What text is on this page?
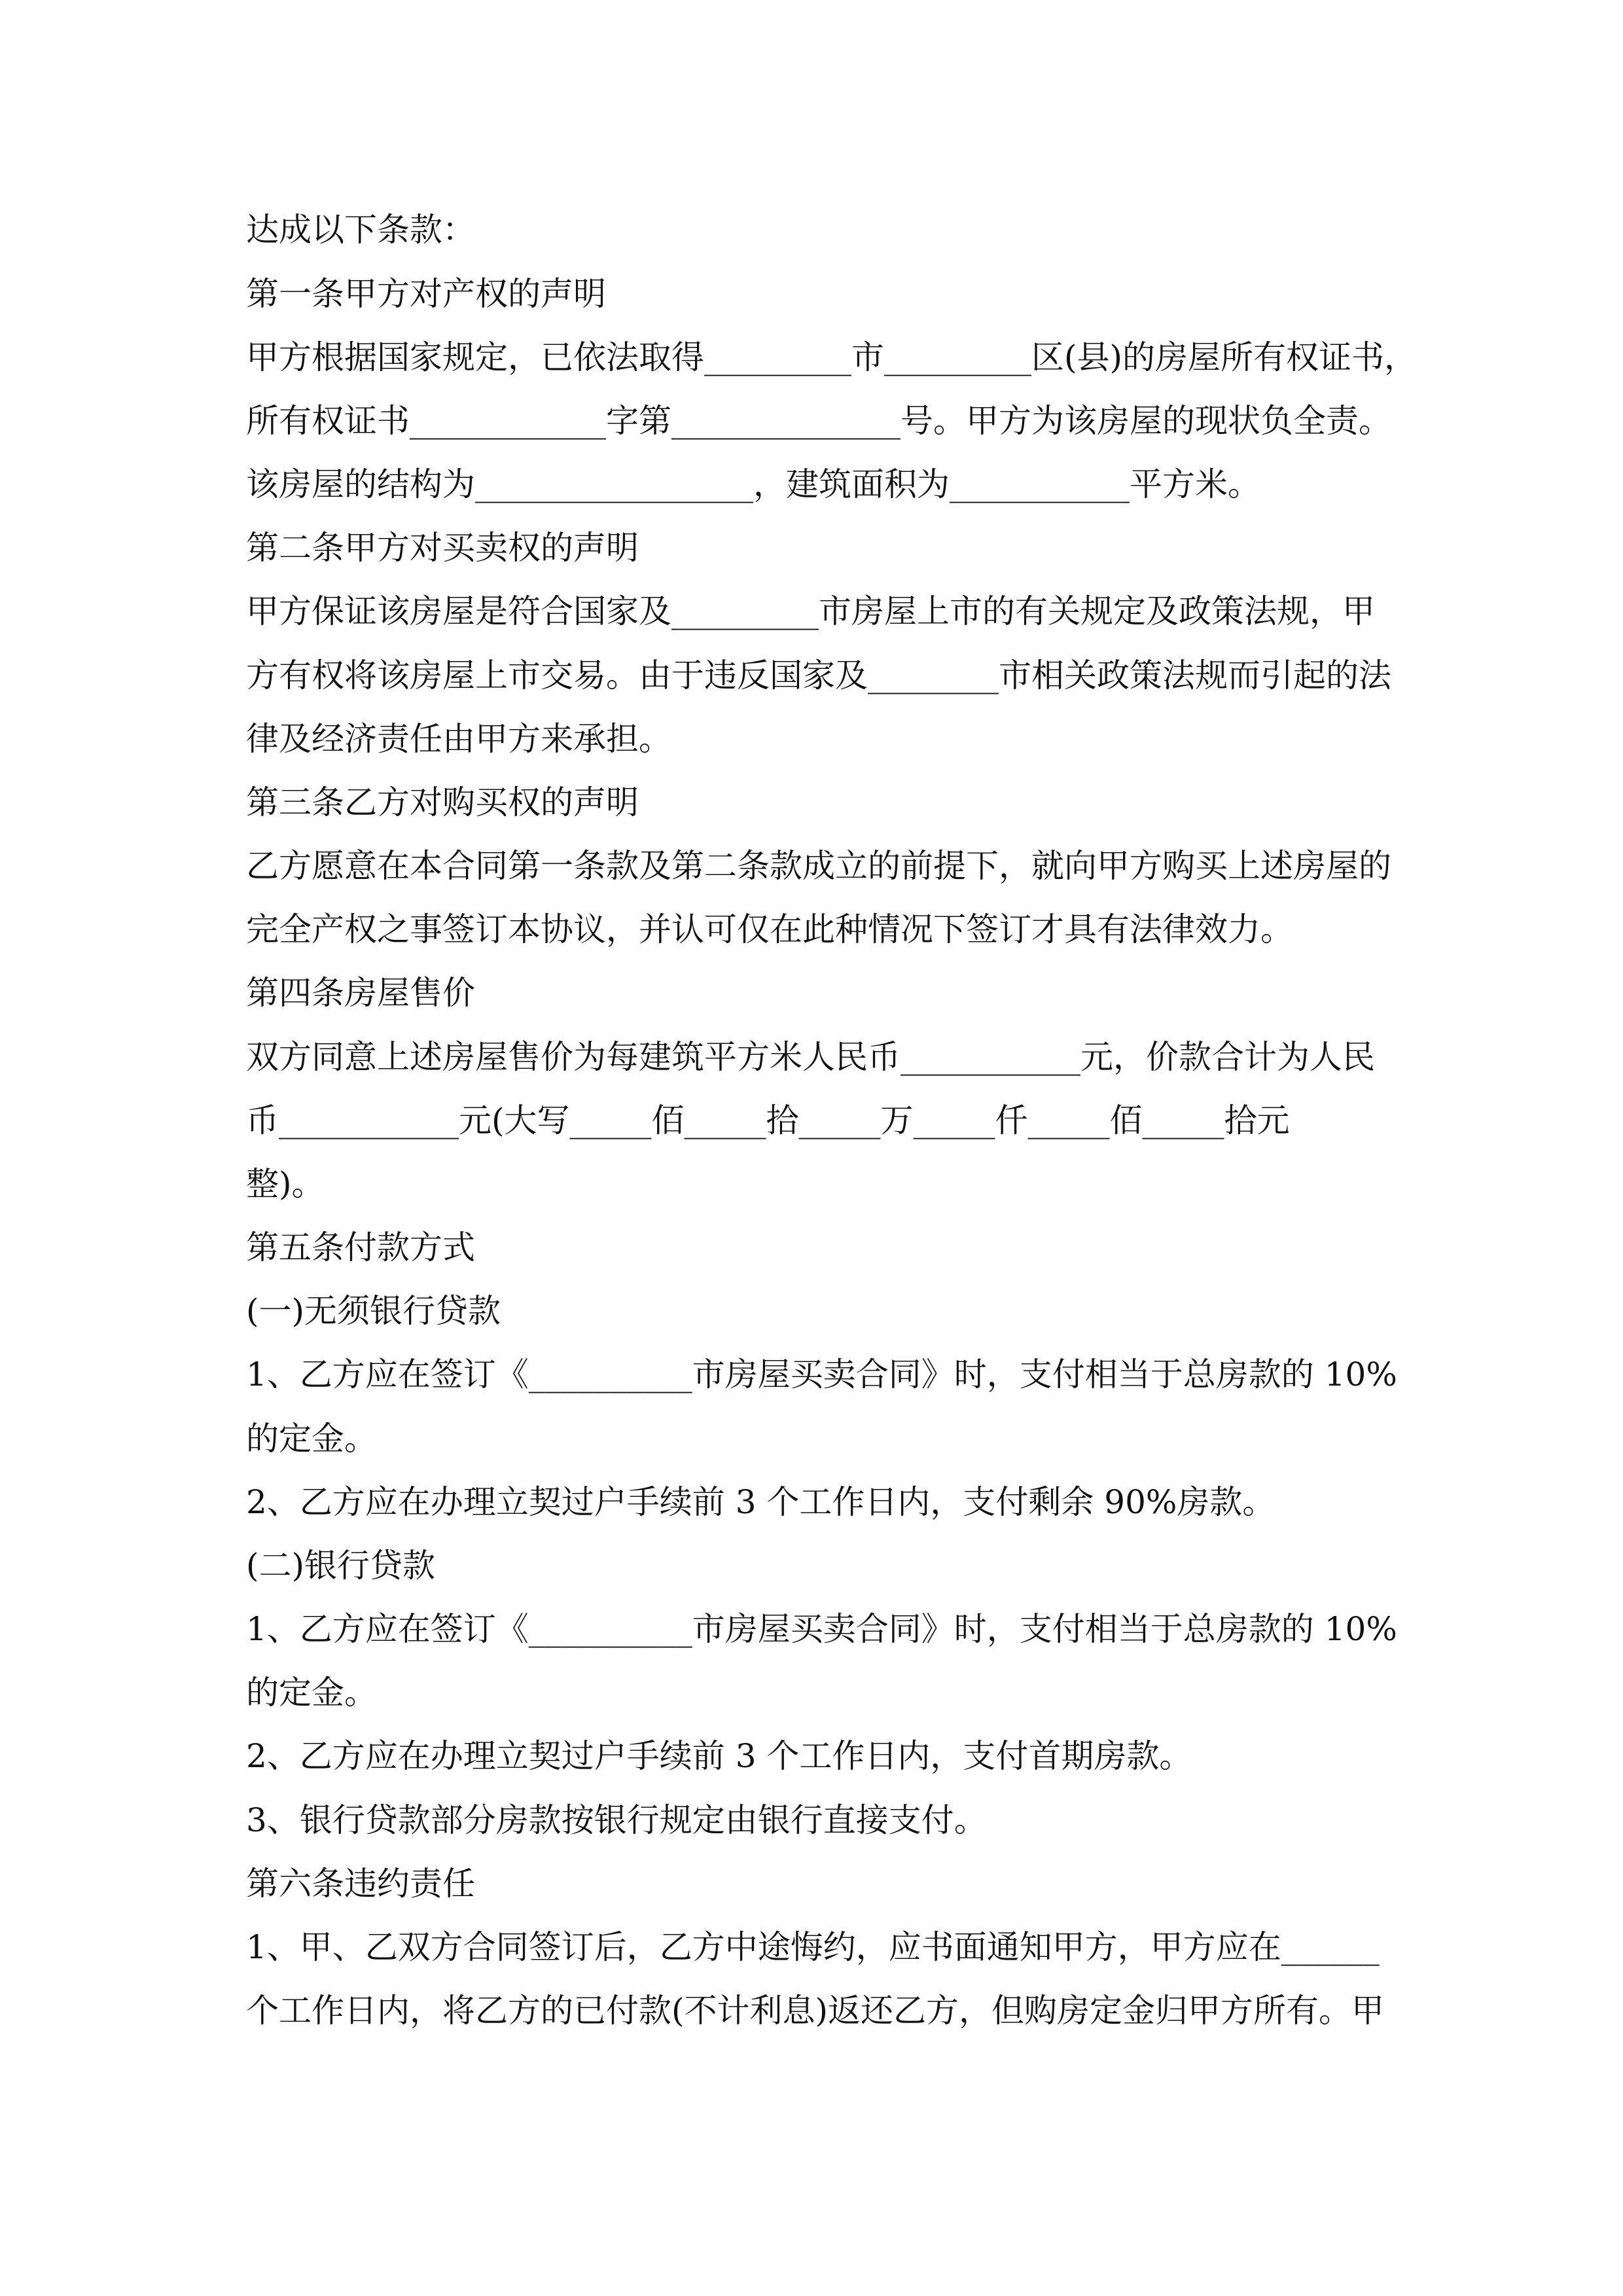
达成以下条款：
第一条甲方对产权的声明
甲方根据国家规定，已依法取得_________市_________区(县)的房屋所有权证书，
所有权证书____________字第______________号。甲方为该房屋的现状负全责。
该房屋的结构为_________________，建筑面积为___________平方米。
第二条甲方对买卖权的声明
甲方保证该房屋是符合国家及_________市房屋上市的有关规定及政策法规，甲
方有权将该房屋上市交易。由于违反国家及________市相关政策法规而引起的法
律及经济责任由甲方来承担。
第三条乙方对购买权的声明
乙方愿意在本合同第一条款及第二条款成立的前提下，就向甲方购买上述房屋的
完全产权之事签订本协议，并认可仅在此种情况下签订才具有法律效力。
第四条房屋售价
双方同意上述房屋售价为每建筑平方米人民币___________元，价款合计为人民
币___________元(大写_____佰_____拾_____万_____仟_____佰_____拾元
整)。
第五条付款方式
(一)无须银行贷款
1、乙方应在签订《__________市房屋买卖合同》时，支付相当于总房款的 10%
的定金。
2、乙方应在办理立契过户手续前 3 个工作日内，支付剩余 90%房款。
(二)银行贷款
1、乙方应在签订《__________市房屋买卖合同》时，支付相当于总房款的 10%
的定金。
2、乙方应在办理立契过户手续前 3 个工作日内，支付首期房款。
3、银行贷款部分房款按银行规定由银行直接支付。
第六条违约责任
1、甲、乙双方合同签订后，乙方中途悔约，应书面通知甲方，甲方应在______
个工作日内，将乙方的已付款(不计利息)返还乙方，但购房定金归甲方所有。甲
